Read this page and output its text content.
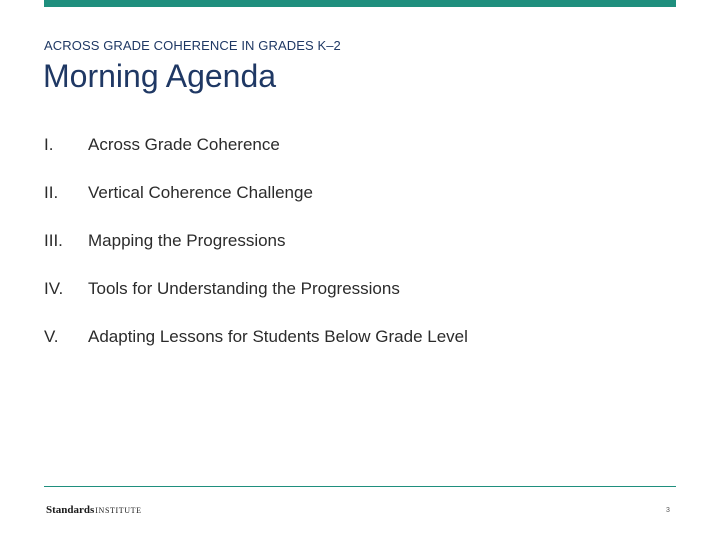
ACROSS GRADE COHERENCE IN GRADES K–2
Morning Agenda
I.	Across Grade Coherence
II.	Vertical Coherence Challenge
III.	Mapping the Progressions
IV.	Tools for Understanding the Progressions
V.	Adapting Lessons for Students Below Grade Level
StandardsINSTITUTE	3
